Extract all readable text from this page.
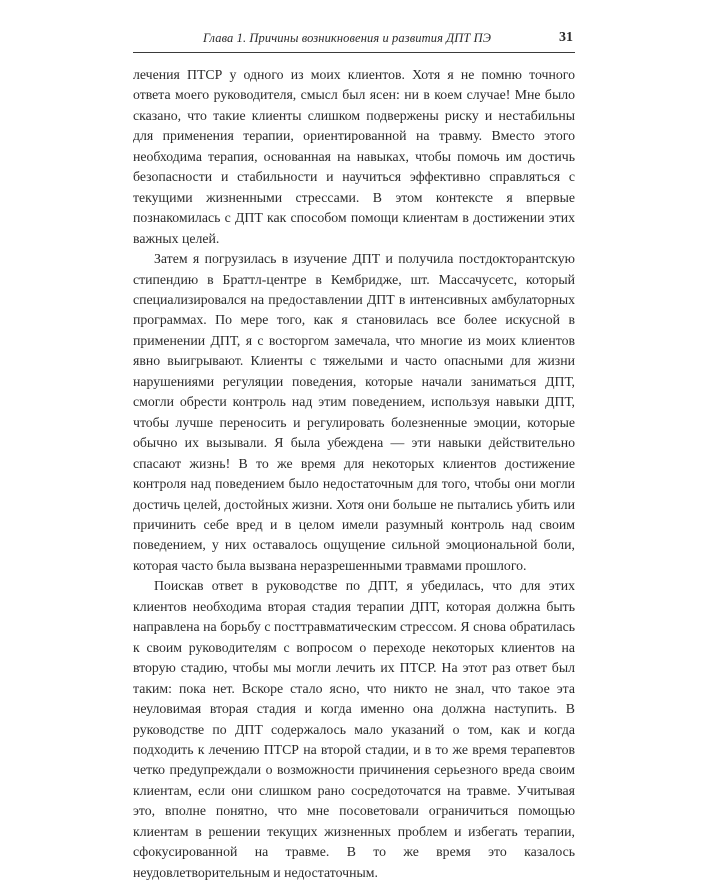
Глава 1. Причины возникновения и развития ДПТ ПЭ	31

лечения ПТСР у одного из моих клиентов. Хотя я не помню точного ответа моего руководителя, смысл был ясен: ни в коем случае! Мне было сказано, что такие клиенты слишком подвержены риску и нестабильны для применения терапии, ориентированной на травму. Вместо этого необходима терапия, основанная на навыках, чтобы помочь им достичь безопасности и стабильности и научиться эффективно справляться с текущими жизненными стрессами. В этом контексте я впервые познакомилась с ДПТ как способом помощи клиентам в достижении этих важных целей.

Затем я погрузилась в изучение ДПТ и получила постдокторантскую стипендию в Браттл-центре в Кембридже, шт. Массачусетс, который специализировался на предоставлении ДПТ в интенсивных амбулаторных программах. По мере того, как я становилась все более искусной в применении ДПТ, я с восторгом замечала, что многие из моих клиентов явно выигрывают. Клиенты с тяжелыми и часто опасными для жизни нарушениями регуляции поведения, которые начали заниматься ДПТ, смогли обрести контроль над этим поведением, используя навыки ДПТ, чтобы лучше переносить и регулировать болезненные эмоции, которые обычно их вызывали. Я была убеждена — эти навыки действительно спасают жизнь! В то же время для некоторых клиентов достижение контроля над поведением было недостаточным для того, чтобы они могли достичь целей, достойных жизни. Хотя они больше не пытались убить или причинить себе вред и в целом имели разумный контроль над своим поведением, у них оставалось ощущение сильной эмоциональной боли, которая часто была вызвана неразрешенными травмами прошлого.

Поискав ответ в руководстве по ДПТ, я убедилась, что для этих клиентов необходима вторая стадия терапии ДПТ, которая должна быть направлена на борьбу с посттравматическим стрессом. Я снова обратилась к своим руководителям с вопросом о переходе некоторых клиентов на вторую стадию, чтобы мы могли лечить их ПТСР. На этот раз ответ был таким: пока нет. Вскоре стало ясно, что никто не знал, что такое эта неуловимая вторая стадия и когда именно она должна наступить. В руководстве по ДПТ содержалось мало указаний о том, как и когда подходить к лечению ПТСР на второй стадии, и в то же время терапевтов четко предупреждали о возможности причинения серьезного вреда своим клиентам, если они слишком рано сосредоточатся на травме. Учитывая это, вполне понятно, что мне посоветовали ограничиться помощью клиентам в решении текущих жизненных проблем и избегать терапии, сфокусированной на травме. В то же время это казалось неудовлетворительным и недостаточным.
